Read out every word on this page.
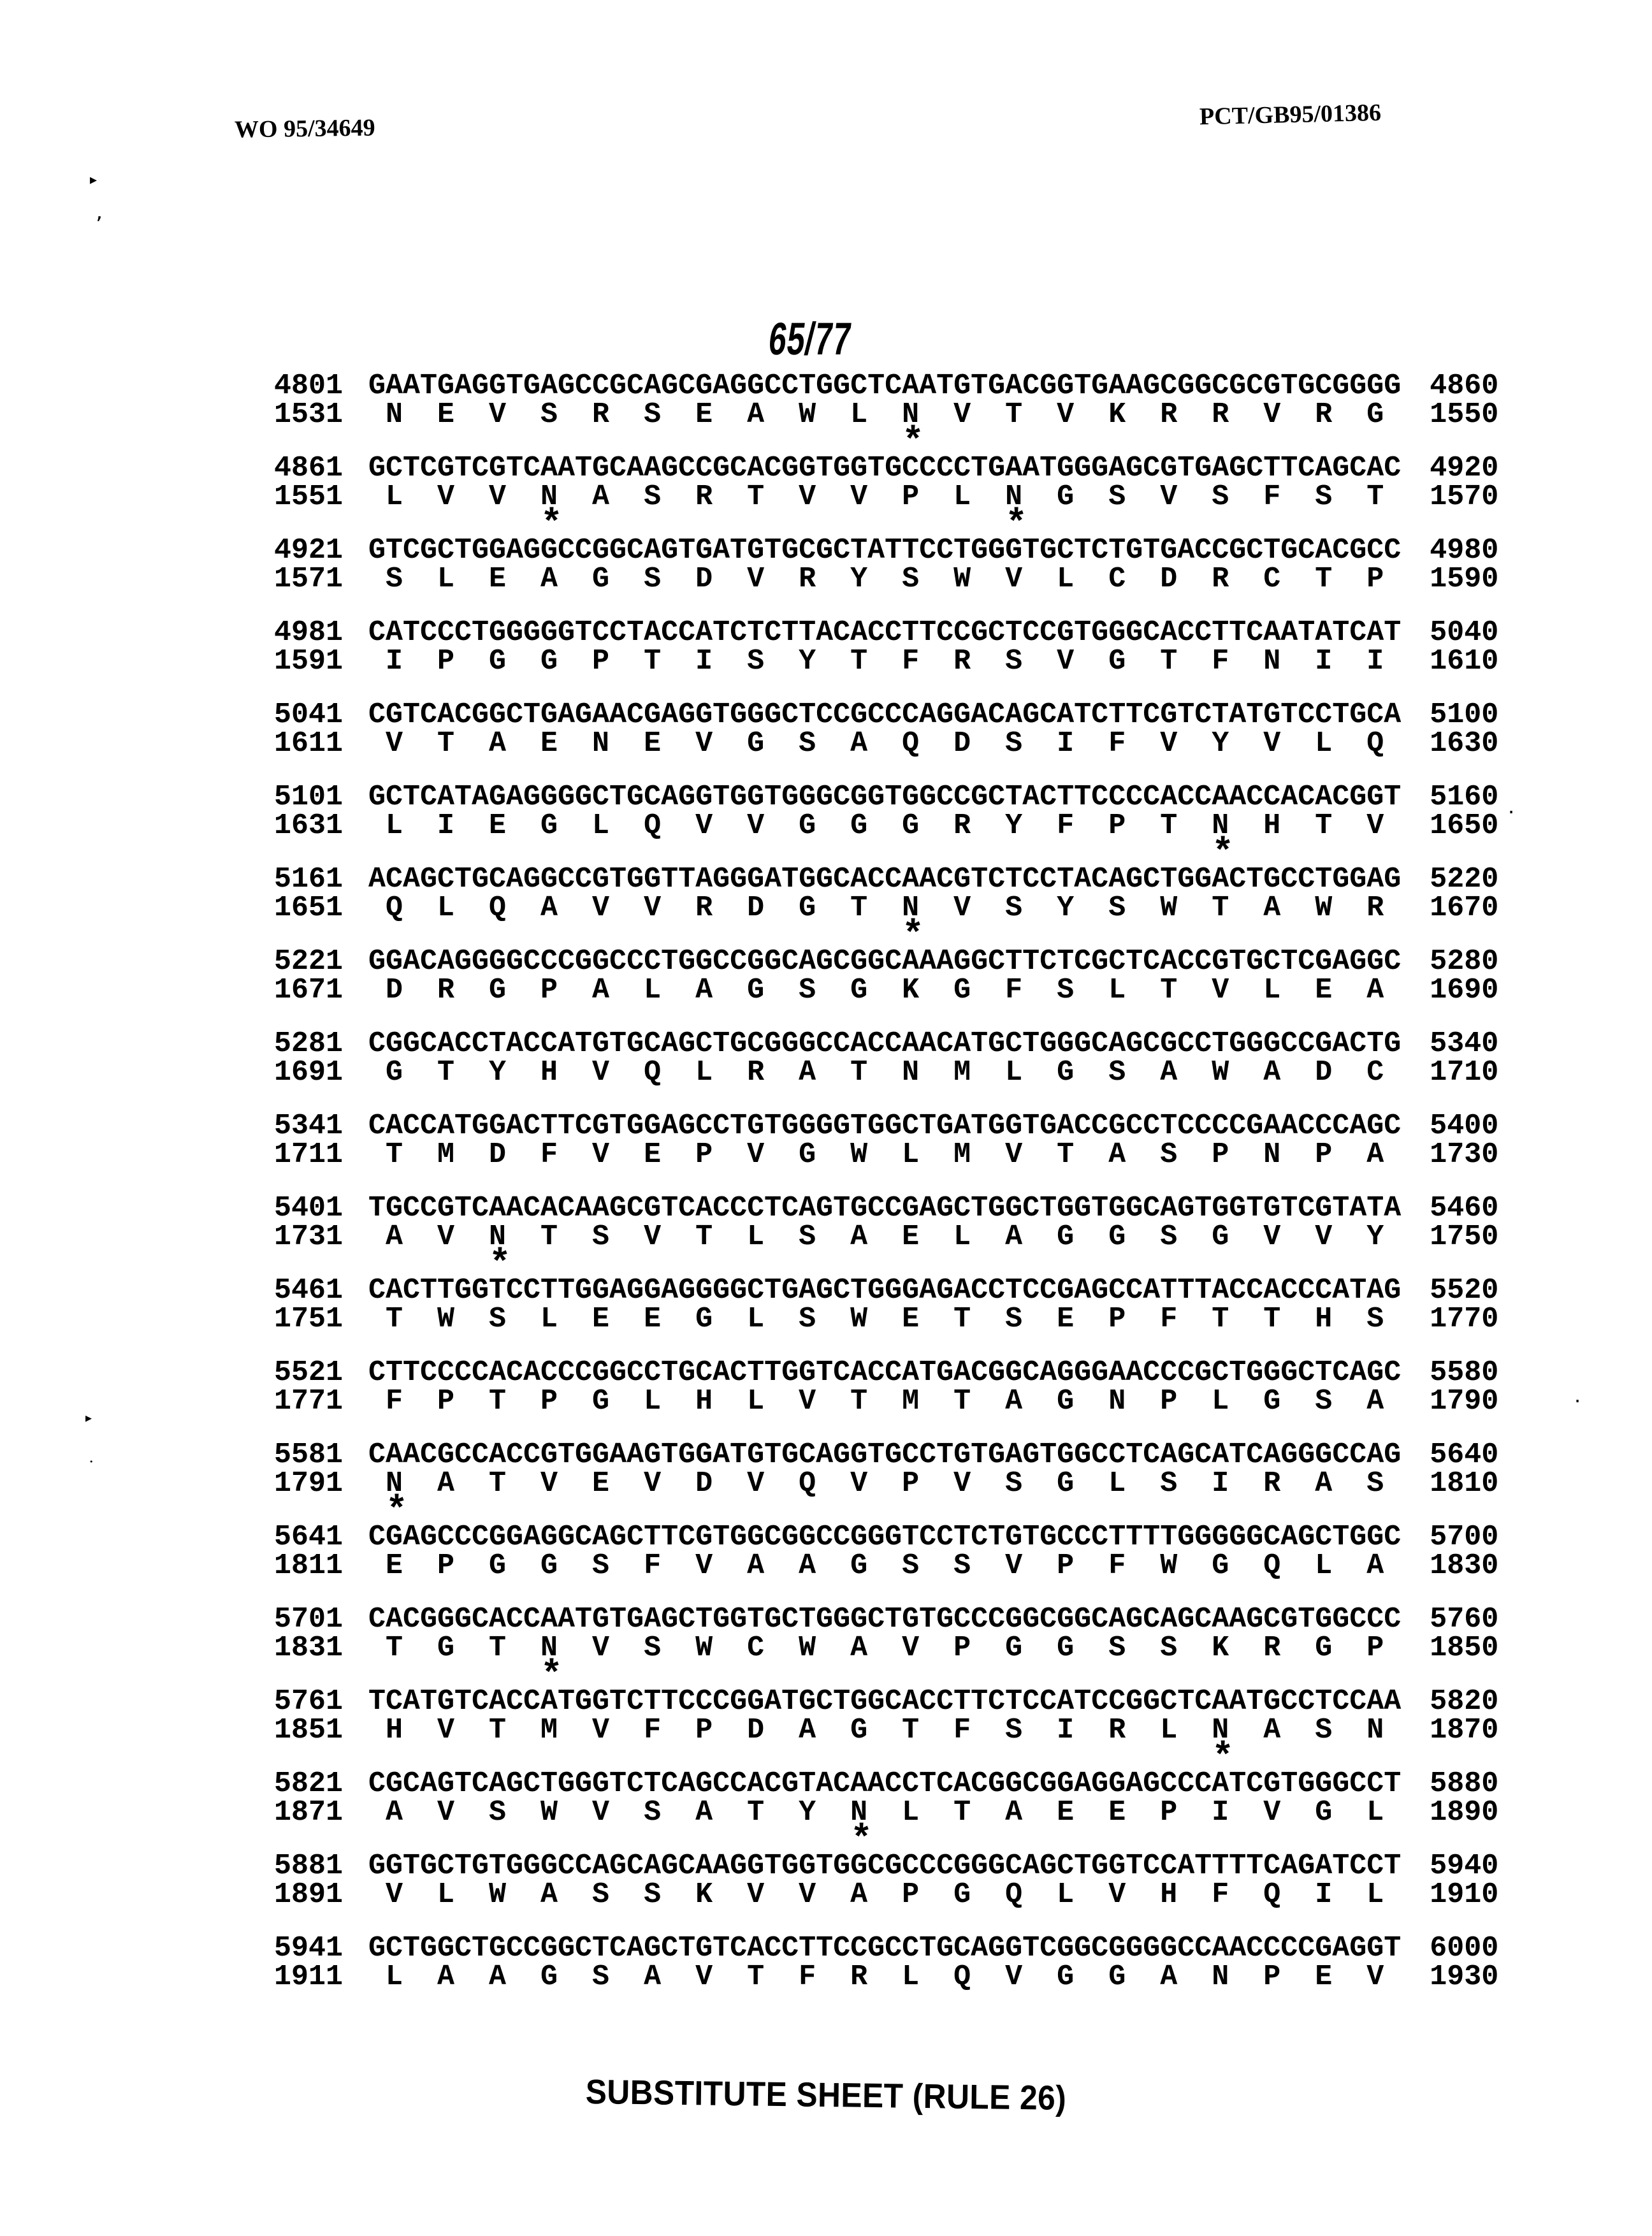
WO 95/34649	PCT/GB95/01386
65/77
4801 GAATGAGGTGAGCCGCAGCGAGGCCTGGCTCAATGTGACGGTGAAGCGGCGCGTGCGGGG 4860
1531 N  E  V  S  R  S  E  A  W  L  N  V  T  V  K  R  R  V  R  G 1550
*
4861 GCTCGTCGTCAATGCAAGCCGCACGGTGGTGCCCCTGAATGGGAGCGTGAGCTTCAGCAC 4920
1551 L  V  V  N  A  S  R  T  V  V  P  L  N  G  S  V  S  F  S  T 1570
*	*
4921 GTCGCTGGAGGCCGGCAGTGATGTGCGCTATTCCTGGGTGCTCTGTGACCGCTGCACGCC 4980
1571 S  L  E  A  G  S  D  V  R  Y  S  W  V  L  C  D  R  C  T  P 1590
4981 CATCCCTGGGGGTCCTACCATCTCTTACACCTTCCGCTCCGTGGGCACCTTCAATATCAT 5040
1591 I  P  G  G  P  T  I  S  Y  T  F  R  S  V  G  T  F  N  I  I 1610
5041 CGTCACGGCTGAGAACGAGGTGGGCTCCGCCCAGGACAGCATCTTCGTCTATGTCCTGCA 5100
1611 V  T  A  E  N  E  V  G  S  A  Q  D  S  I  F  V  Y  V  L  Q 1630
5101 GCTCATAGAGGGGCTGCAGGTGGTGGGCGGTGGCCGCTACTTCCCCACCAACCACACGGT 5160
1631 L  I  E  G  L  Q  V  V  G  G  G  R  Y  F  P  T  N  H  T  V 1650
*
5161 ACAGCTGCAGGCCGTGGTTAGGGATGGCACCAACGTCTCCTACAGCTGGACTGCCTGGAG 5220
1651 Q  L  Q  A  V  V  R  D  G  T  N  V  S  Y  S  W  T  A  W  R 1670
*
5221 GGACAGGGGCCCGGCCCTGGCCGGCAGCGGCAAAGGCTTCTCGCTCACCGTGCTCGAGGC 5280
1671 D  R  G  P  A  L  A  G  S  G  K  G  F  S  L  T  V  L  E  A 1690
5281 CGGCACCTACCATGTGCAGCTGCGGGCCACCAACATGCTGGGCAGCGCCTGGGCCGACTG 5340
1691 G  T  Y  H  V  Q  L  R  A  T  N  M  L  G  S  A  W  A  D  C 1710
5341 CACCATGGACTTCGTGGAGCCTGTGGGGTGGCTGATGGTGACCGCCTCCCCGAACCCAGC 5400
1711 T  M  D  F  V  E  P  V  G  W  L  M  V  T  A  S  P  N  P  A 1730
5401 TGCCGTCAACACAAGCGTCACCCTCAGTGCCGAGCTGGCTGGTGGCAGTGGTGTCGTATA 5460
1731 A  V  N  T  S  V  T  L  S  A  E  L  A  G  G  S  G  V  V  Y 1750
*
5461 CACTTGGTCCTTGGAGGAGGGGCTGAGCTGGGAGACCTCCGAGCCATTTACCACCCATAG 5520
1751 T  W  S  L  E  E  G  L  S  W  E  T  S  E  P  F  T  T  H  S 1770
5521 CTTCCCCACACCCGGCCTGCACTTGGTCACCATGACGGCAGGGAACCCGCTGGGCTCAGC 5580
1771 F  P  T  P  G  L  H  L  V  T  M  T  A  G  N  P  L  G  S  A 1790
5581 CAACGCCACCGTGGAAGTGGATGTGCAGGTGCCTGTGAGTGGCCTCAGCATCAGGGCCAG 5640
1791 N  A  T  V  E  V  D  V  Q  V  P  V  S  G  L  S  I  R  A  S 1810
*
5641 CGAGCCCGGAGGCAGCTTCGTGGCGGCCGGGTCCTCTGTGCCCTTTTGGGGGCAGCTGGC 5700
1811 E  P  G  G  S  F  V  A  A  G  S  S  V  P  F  W  G  Q  L  A 1830
5701 CACGGGCACCAATGTGAGCTGGTGCTGGGCTGTGCCCGGCGGCAGCAGCAAGCGTGGCCC 5760
1831 T  G  T  N  V  S  W  C  W  A  V  P  G  G  S  S  K  R  G  P 1850
*
5761 TCATGTCACCATGGTCTTCCCGGATGCTGGCACCTTCTCCATCCGGCTCAATGCCTCCAA 5820
1851 H  V  T  M  V  F  P  D  A  G  T  F  S  I  R  L  N  A  S  N 1870
*
5821 CGCAGTCAGCTGGGTCTCAGCCACGTACAACCTCACGGCGGAGGAGCCCATCGTGGGCCT 5880
1871 A  V  S  W  V  S  A  T  Y  N  L  T  A  E  E  P  I  V  G  L 1890
*
5881 GGTGCTGTGGGCCAGCAGCAAGGTGGTGGCGCCCGGGCAGCTGGTCCATTTTCAGATCCT 5940
1891 V  L  W  A  S  S  K  V  V  A  P  G  Q  L  V  H  F  Q  I  L 1910
5941 GCTGGCTGCCGGCTCAGCTGTCACCTTCCGCCTGCAGGTCGGCGGGGCCAACCCCGAGGT 6000
1911 L  A  A  G  S  A  V  T  F  R  L  Q  V  G  G  A  N  P  E  V 1930
SUBSTITUTE SHEET (RULE 26)
▸
ʼ
▸
•
·
·
